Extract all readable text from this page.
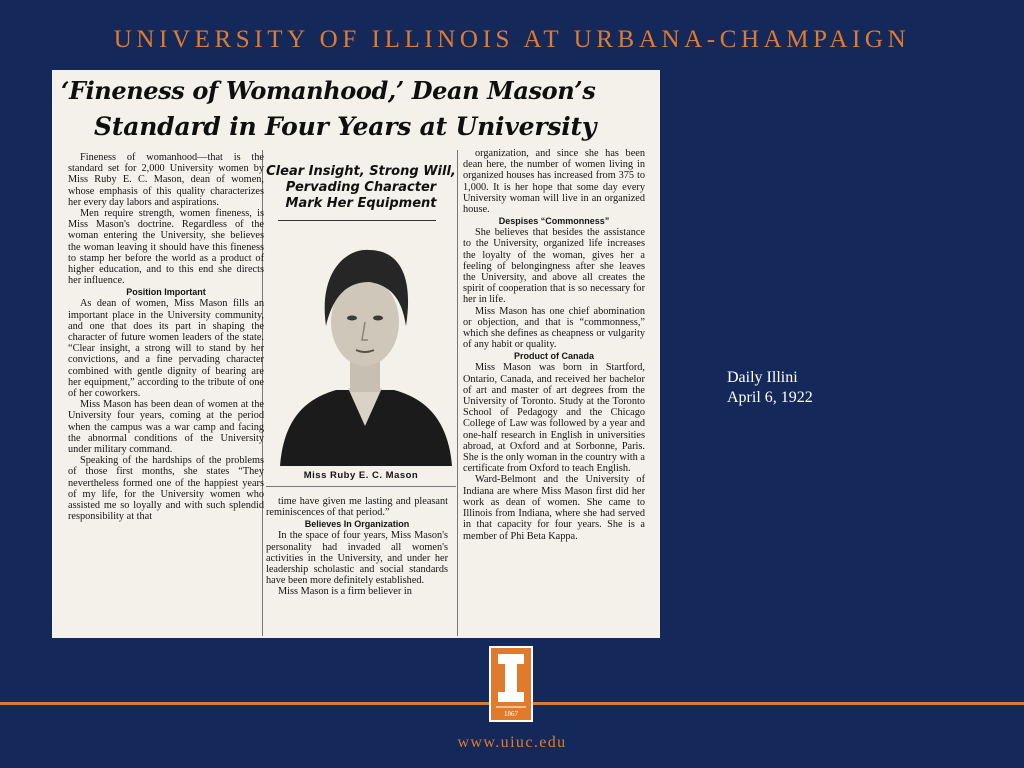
UNIVERSITY OF ILLINOIS AT URBANA-CHAMPAIGN
‘Fineness of Womanhood,’ Dean Mason’s
Standard in Four Years at University

Fineness of womanhood—that is the standard set for 2,000 University women by Miss Ruby E. C. Mason, dean of women, whose emphasis of this quality characterizes her every day labors and aspirations.

Men require strength, women fineness, is Miss Mason's doctrine. Regardless of the woman entering the University, she believes the woman leaving it should have this fineness to stamp her before the world as a product of higher education, and to this end she directs her influence.

Position Important

As dean of women, Miss Mason fills an important place in the University community, and one that does its part in shaping the character of future women leaders of the state. “Clear insight, a strong will to stand by her convictions, and a fine pervading character combined with gentle dignity of bearing are her equipment,” according to the tribute of one of her coworkers.

Miss Mason has been dean of women at the University four years, coming at the period when the campus was a war camp and facing the abnormal conditions of the University under military command.

Speaking of the hardships of the problems of those first months, she states “They nevertheless formed one of the happiest years of my life, for the University women who assisted me so loyally and with such splendid responsibility at that

Clear Insight, Strong Will,
Pervading Character
Mark Her Equipment
Miss Ruby E. C. Mason

time have given me lasting and pleasant reminiscences of that period.”

Believes In Organization

In the space of four years, Miss Mason's personality had invaded all women's activities in the University, and under her leadership scholastic and social standards have been more definitely established.

Miss Mason is a firm believer in

organization, and since she has been dean here, the number of women living in organized houses has increased from 375 to 1,000. It is her hope that some day every University woman will live in an organized house.

Despises “Commonness”

She believes that besides the assistance to the University, organized life increases the loyalty of the woman, gives her a feeling of belongingness after she leaves the University, and above all creates the spirit of cooperation that is so necessary for her in life.

Miss Mason has one chief abomination or objection, and that is “commonness,” which she defines as cheapness or vulgarity of any habit or quality.

Product of Canada

Miss Mason was born in Startford, Ontario, Canada, and received her bachelor of art and master of art degrees from the University of Toronto. Study at the Toronto School of Pedagogy and the Chicago College of Law was followed by a year and one-half research in English in universities abroad, at Oxford and at Sorbonne, Paris. She is the only woman in the country with a certificate from Oxford to teach English.

Ward-Belmont and the University of Indiana are where Miss Mason first did her work as dean of women. She came to Illinois from Indiana, where she had served in that capacity for four years. She is a member of Phi Beta Kappa.

Daily Illini
April 6, 1922
1867
www.uiuc.edu
